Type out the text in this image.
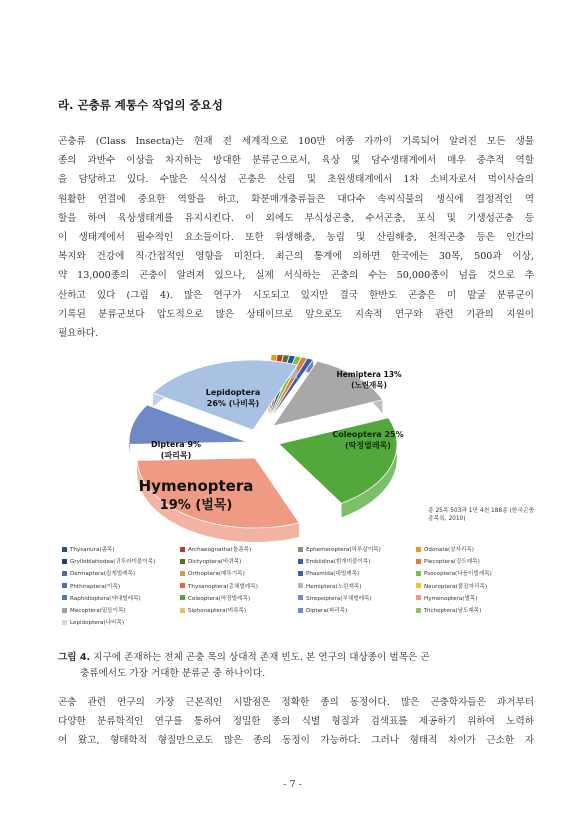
라. 곤충류 계통수 작업의 중요성

곤충류 (Class Insecta)는 현재 전 세계적으로 100만 여종 가까이 기록되어 알려진 모든 생물
종의 과반수 이상을 차지하는 방대한 분류군으로서, 육상 및 담수생태계에서 매우 중추적 역할
을 담당하고 있다. 수많은 식식성 곤충은 산림 및 초원생태계에서 1차 소비자로서 먹이사슬의
원활한 연결에 중요한 역할을 하고, 화분매개충류들은 대다수 속씨식물의 생식에 결정적인 역
할을 하여 육상생태계를 유지시킨다. 이 외에도 부식성곤충, 수서곤충, 포식 및 기생성곤충 등
이 생태계에서 필수적인 요소들이다. 또한 위생해충, 농림 및 산림해충, 천적곤충 등은 인간의
복지와 건강에 직·간접적인 영향을 미친다. 최근의 통계에 의하면 한국에는 30목, 500과 이상,
약 13,000종의 곤충이 알려져 있으나, 실제 서식하는 곤충의 수는 50,000종이 넘을 것으로 추
산하고 있다 (그림 4). 많은 연구가 시도되고 있지만 결국 한반도 곤충은 미 발굴 분류군이
기록된 분류군보다 압도적으로 많은 상태이므로 앞으로도 지속적 연구와 관련 기관의 지원이
필요하다.

Hymenoptera
19% (벌목)
Diptera 9%
(파리목)
Lepidoptera
26% (나비목)
Hemiptera 13%
(노린재목)
Coleoptera 25%
(딱정벌레목)
총 25목 503과 1만 4천 188종 (한국곤충총목록, 2010)
Thysanura(좀목)	Archaeognatha(돌좀목)	Ephemeroptera(하루살이목)	Odonata(잠자리목)
Grylloblattodea(귀뚜라미붙이목)	Dictyoptera(바퀴목)	Embiidina(흰개미붙이목)	Plecoptera(강도래목)
Dermaptera(집게벌레목)	Orthoptera(메뚜기목)	Phasmida(대벌레목)	Psocoptera(다듬이벌레목)
Phthiraptera(이목)	Thysanoptera(총채벌레목)	Hemiptera(노린재목)	Neuroptera(풀잠자리목)
Raphidioptera(약대벌레목)	Coleoptera(딱정벌레목)	Strepsiptera(부채벌레목)	Hymenoptera(벌목)
Mecoptera(밑들이목)	Siphonaptera(벼룩목)	Diptera(파리목)	Trichoptera(날도래목)
Lepidoptera(나비목)

그림 4. 지구에 존재하는 전체 곤충 목의 상대적 존재 빈도. 본 연구의 대상종이 벌목은 곤
충류에서도 가장 거대한 분류군 중 하나이다.

곤충 관련 연구의 가장 근본적인 시발점은 정확한 종의 동정이다. 많은 곤충학자들은 과거부터
다양한 분류학적인 연구를 통하여 정밀한 종의 식별 형질과 검색표를 제공하기 위하여 노력하
여 왔고, 형태학적 형질만으로도 많은 종의 동정이 가능하다. 그러나 형태적 차이가 근소한 자

- 7 -
